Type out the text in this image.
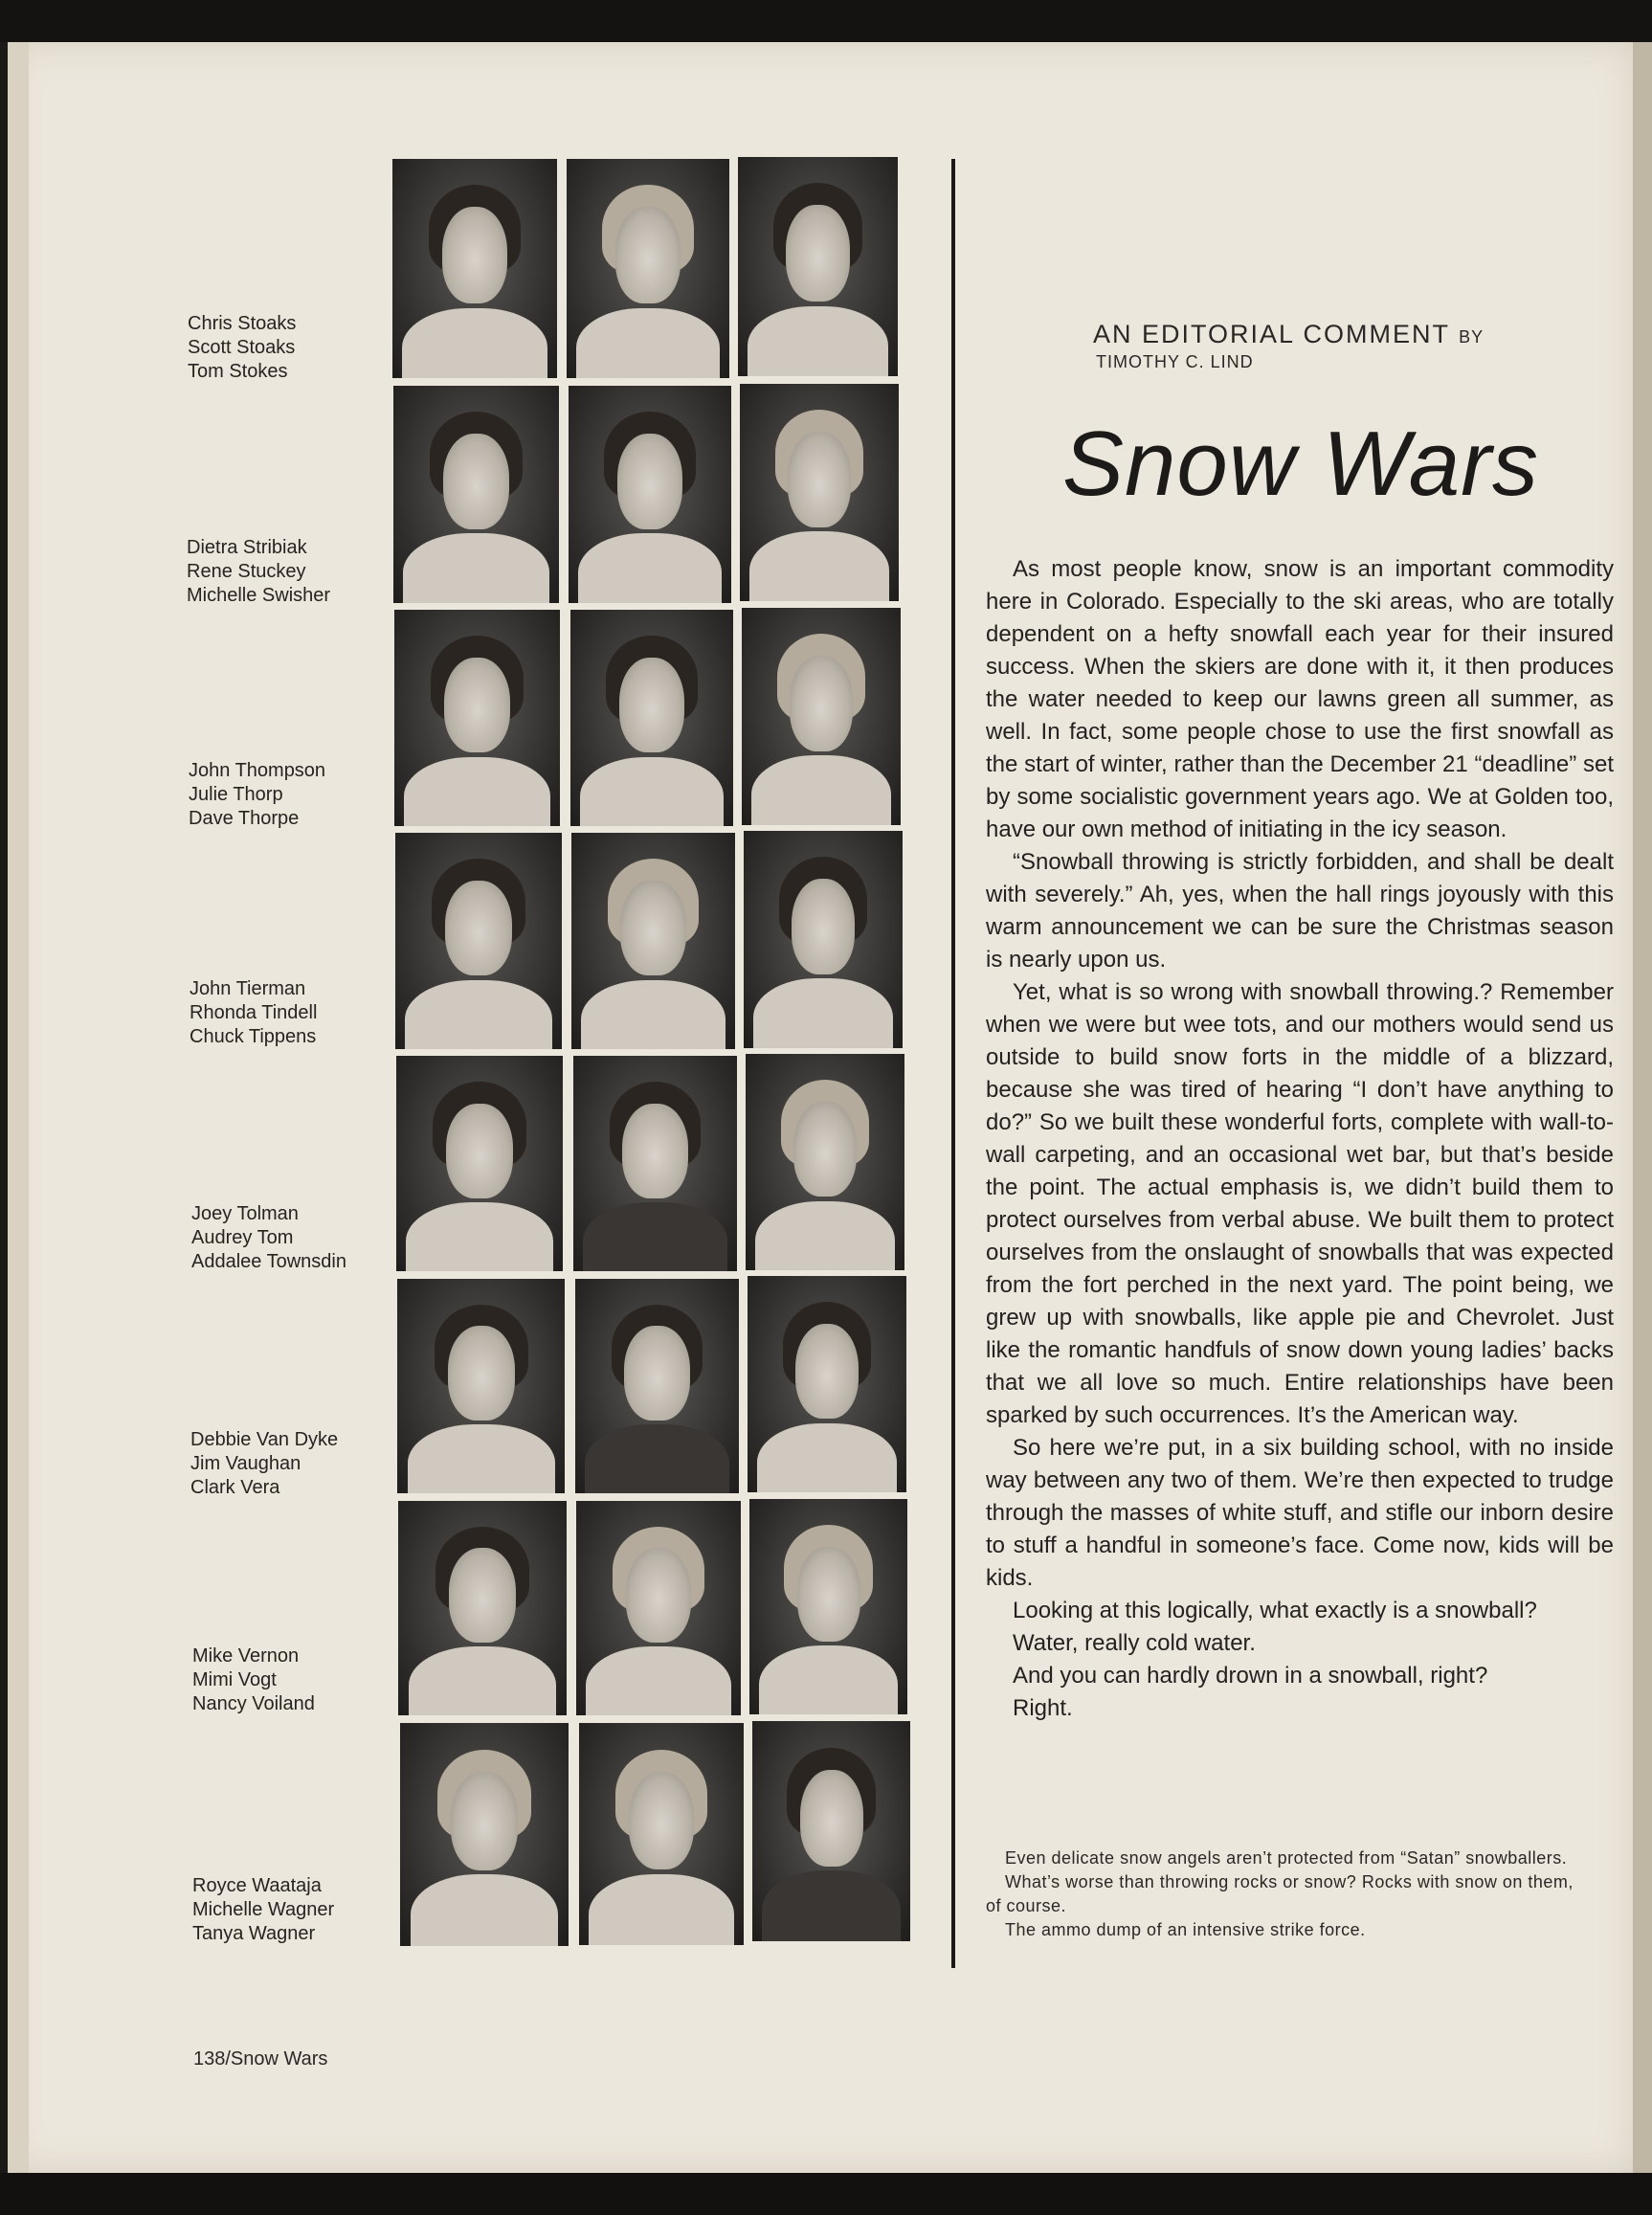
Chris Stoaks
Scott Stoaks
Tom Stokes
Dietra Stribiak
Rene Stuckey
Michelle Swisher
John Thompson
Julie Thorp
Dave Thorpe
John Tierman
Rhonda Tindell
Chuck Tippens
Joey Tolman
Audrey Tom
Addalee Townsdin
Debbie Van Dyke
Jim Vaughan
Clark Vera
Mike Vernon
Mimi Vogt
Nancy Voiland
Royce Waataja
Michelle Wagner
Tanya Wagner
AN EDITORIAL COMMENT BY
TIMOTHY C. LIND
Snow Wars

As most people know, snow is an important commodity here in Colorado. Especially to the ski areas, who are totally dependent on a hefty snowfall each year for their insured success. When the skiers are done with it, it then produces the water needed to keep our lawns green all summer, as well. In fact, some people chose to use the first snowfall as the start of winter, rather than the December 21 “deadline” set by some socialistic government years ago. We at Golden too, have our own method of initiating in the icy season.

“Snowball throwing is strictly forbidden, and shall be dealt with severely.” Ah, yes, when the hall rings joyously with this warm announcement we can be sure the Christmas season is nearly upon us.

Yet, what is so wrong with snowball throwing.? Remember when we were but wee tots, and our mothers would send us outside to build snow forts in the middle of a blizzard, because she was tired of hearing “I don’t have anything to do?” So we built these wonderful forts, complete with wall-to-wall carpeting, and an occasional wet bar, but that’s beside the point. The actual emphasis is, we didn’t build them to protect ourselves from verbal abuse. We built them to protect ourselves from the onslaught of snowballs that was expected from the fort perched in the next yard. The point being, we grew up with snowballs, like apple pie and Chevrolet. Just like the romantic handfuls of snow down young ladies’ backs that we all love so much. Entire relationships have been sparked by such occurrences. It’s the American way.

So here we’re put, in a six building school, with no inside way between any two of them. We’re then expected to trudge through the masses of white stuff, and stifle our inborn desire to stuff a handful in someone’s face. Come now, kids will be kids.

Looking at this logically, what exactly is a snowball?

Water, really cold water.

And you can hardly drown in a snowball, right?

Right.

Even delicate snow angels aren’t protected from “Satan” snowballers.

What’s worse than throwing rocks or snow? Rocks with snow on them, of course.

The ammo dump of an intensive strike force.

138/Snow Wars
